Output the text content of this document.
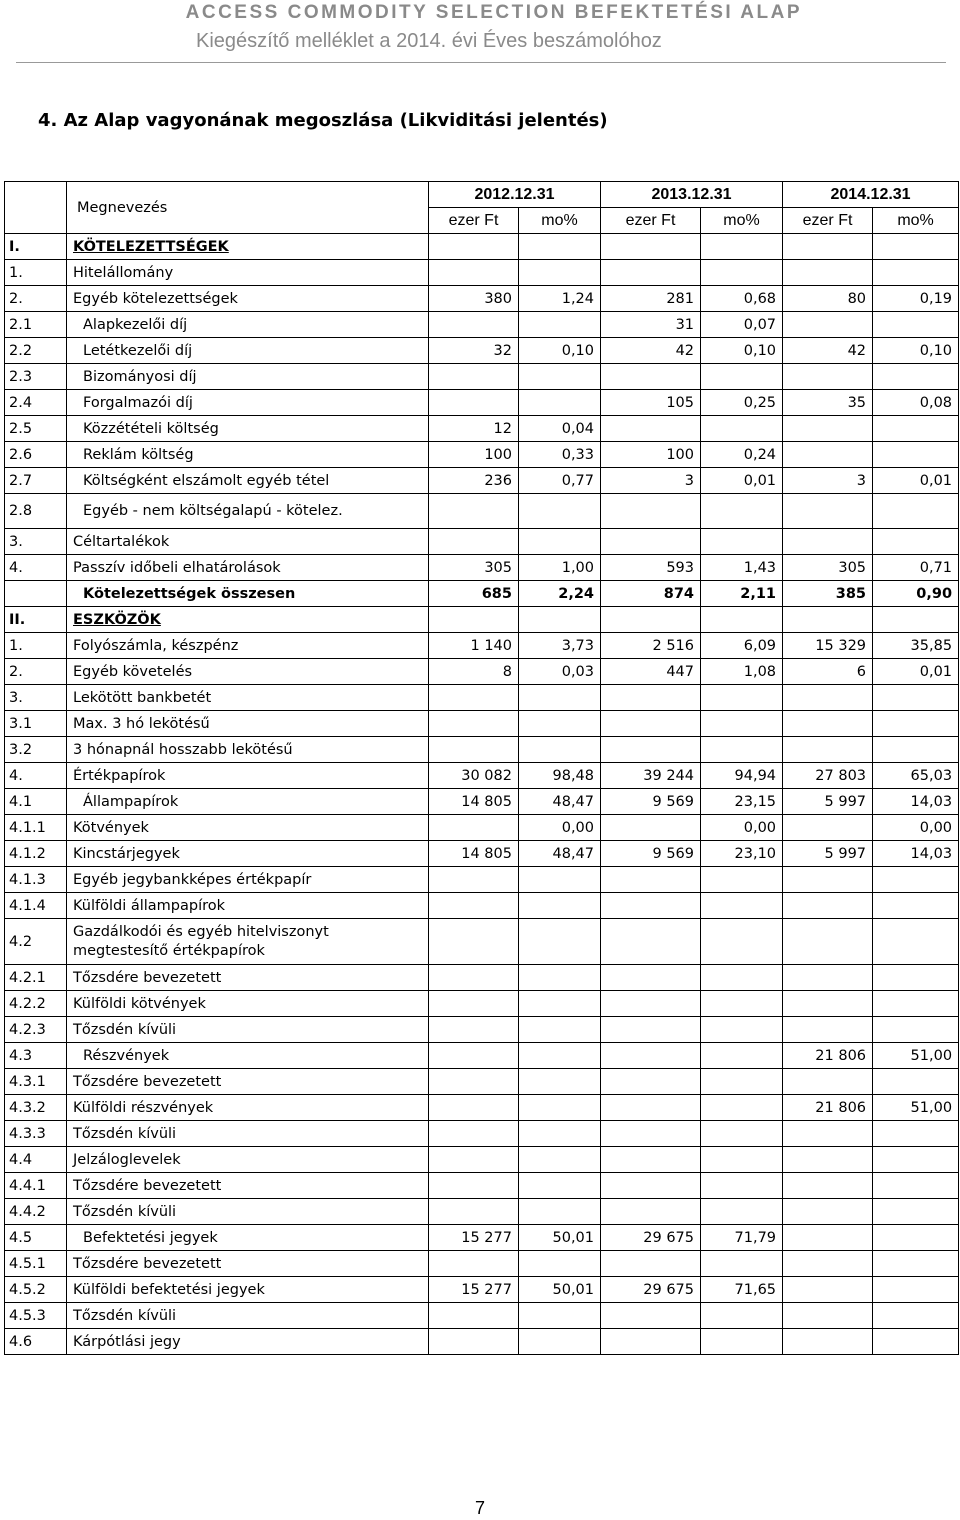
ACCESS COMMODITY SELECTION BEFEKTETÉSI ALAP
Kiegészítő melléklet a 2014. évi Éves beszámolóhoz
4. Az Alap vagyonának megoszlása (Likviditási jelentés)
	Megnevezés	2012.12.31		2013.12.31		2014.12.31	
		ezer Ft	mo%	ezer Ft	mo%	ezer Ft	mo%
I.	KÖTELEZETTSÉGEK						
1.	Hitelállomány						
2.	Egyéb kötelezettségek	380	1,24	281	0,68	80	0,19
2.1	Alapkezelői díj			31	0,07		
2.2	Letétkezelői díj	32	0,10	42	0,10	42	0,10
2.3	Bizományosi díj						
2.4	Forgalmazói díj			105	0,25	35	0,08
2.5	Közzétételi költség	12	0,04				
2.6	Reklám költség	100	0,33	100	0,24		
2.7	Költségként elszámolt egyéb tétel	236	0,77	3	0,01	3	0,01
2.8	Egyéb - nem költségalapú - kötelez.						
3.	Céltartalékok						
4.	Passzív időbeli elhatárolások	305	1,00	593	1,43	305	0,71
	Kötelezettségek összesen	685	2,24	874	2,11	385	0,90
II.	ESZKÖZÖK						
1.	Folyószámla, készpénz	1 140	3,73	2 516	6,09	15 329	35,85
2.	Egyéb követelés	8	0,03	447	1,08	6	0,01
3.	Lekötött bankbetét						
3.1	Max. 3 hó lekötésű						
3.2	3 hónapnál hosszabb lekötésű						
4.	Értékpapírok	30 082	98,48	39 244	94,94	27 803	65,03
4.1	Állampapírok	14 805	48,47	9 569	23,15	5 997	14,03
4.1.1	Kötvények		0,00		0,00		0,00
4.1.2	Kincstárjegyek	14 805	48,47	9 569	23,10	5 997	14,03
4.1.3	Egyéb jegybankképes értékpapír						
4.1.4	Külföldi állampapírok						
4.2	Gazdálkodói és egyéb hitelviszonyt megtestesítő értékpapírok						
4.2.1	Tőzsdére bevezetett						
4.2.2	Külföldi kötvények						
4.2.3	Tőzsdén kívüli						
4.3	Részvények					21 806	51,00
4.3.1	Tőzsdére bevezetett						
4.3.2	Külföldi részvények					21 806	51,00
4.3.3	Tőzsdén kívüli						
4.4	Jelzáloglevelek						
4.4.1	Tőzsdére bevezetett						
4.4.2	Tőzsdén kívüli						
4.5	Befektetési jegyek	15 277	50,01	29 675	71,79		
4.5.1	Tőzsdére bevezetett						
4.5.2	Külföldi befektetési jegyek	15 277	50,01	29 675	71,65		
4.5.3	Tőzsdén kívüli						
4.6	Kárpótlási jegy						
7
